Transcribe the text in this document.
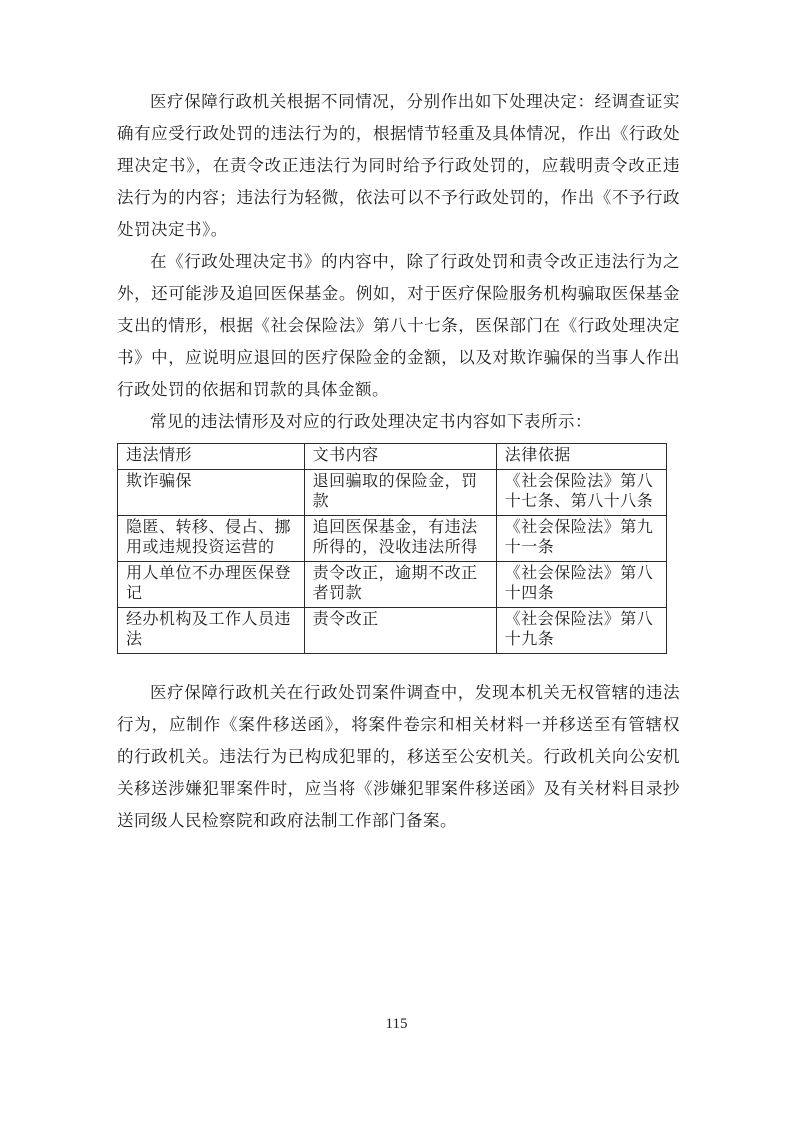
医疗保障行政机关根据不同情况，分别作出如下处理决定：经调查证实确有应受行政处罚的违法行为的，根据情节轻重及具体情况，作出《行政处理决定书》，在责令改正违法行为同时给予行政处罚的，应载明责令改正违法行为的内容；违法行为轻微，依法可以不予行政处罚的，作出《不予行政处罚决定书》。

在《行政处理决定书》的内容中，除了行政处罚和责令改正违法行为之外，还可能涉及追回医保基金。例如，对于医疗保险服务机构骗取医保基金支出的情形，根据《社会保险法》第八十七条，医保部门在《行政处理决定书》中，应说明应退回的医疗保险金的金额，以及对欺诈骗保的当事人作出行政处罚的依据和罚款的具体金额。

常见的违法情形及对应的行政处理决定书内容如下表所示：

违法情形	文书内容	法律依据
欺诈骗保	退回骗取的保险金，罚款	《社会保险法》第八十七条、第八十八条
隐匿、转移、侵占、挪用或违规投资运营的	追回医保基金，有违法所得的，没收违法所得	《社会保险法》第九十一条
用人单位不办理医保登记	责令改正，逾期不改正者罚款	《社会保险法》第八十四条
经办机构及工作人员违法	责令改正	《社会保险法》第八十九条

医疗保障行政机关在行政处罚案件调查中，发现本机关无权管辖的违法行为，应制作《案件移送函》，将案件卷宗和相关材料一并移送至有管辖权的行政机关。违法行为已构成犯罪的，移送至公安机关。行政机关向公安机关移送涉嫌犯罪案件时，应当将《涉嫌犯罪案件移送函》及有关材料目录抄送同级人民检察院和政府法制工作部门备案。

115
